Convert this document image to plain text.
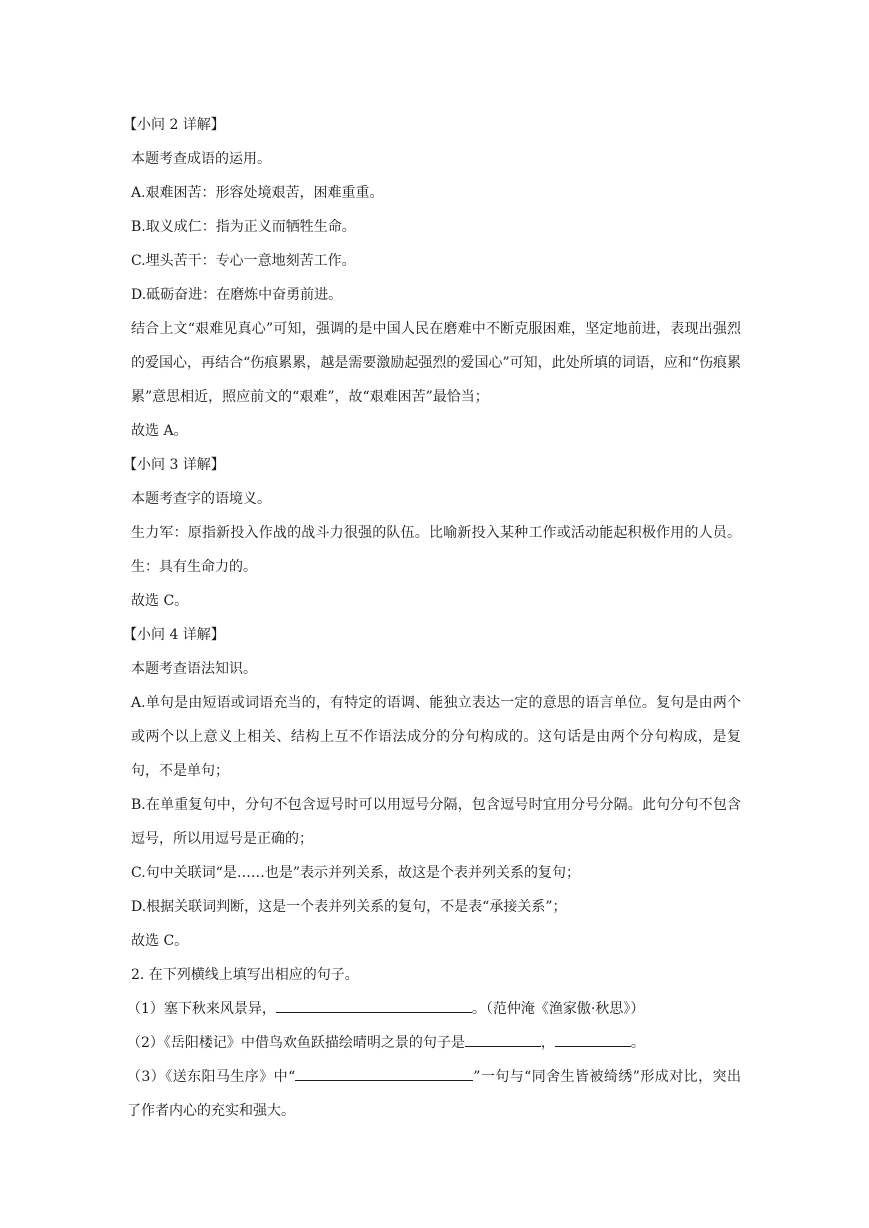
【小问 2 详解】

本题考查成语的运用。

A.艰难困苦：形容处境艰苦，困难重重。

B.取义成仁：指为正义而牺牲生命。

C.埋头苦干：专心一意地刻苦工作。

D.砥砺奋进：在磨炼中奋勇前进。

结合上文“艰难见真心”可知，强调的是中国人民在磨难中不断克服困难，坚定地前进，表现出强烈的爱国心，再结合“伤痕累累，越是需要激励起强烈的爱国心”可知，此处所填的词语，应和“伤痕累累”意思相近，照应前文的“艰难”，故“艰难困苦”最恰当；

故选 A。

【小问 3 详解】

本题考查字的语境义。

生力军：原指新投入作战的战斗力很强的队伍。比喻新投入某种工作或活动能起积极作用的人员。生：具有生命力的。

故选 C。

【小问 4 详解】

本题考查语法知识。

A.单句是由短语或词语充当的，有特定的语调、能独立表达一定的意思的语言单位。复句是由两个或两个以上意义上相关、结构上互不作语法成分的分句构成的。这句话是由两个分句构成，是复句，不是单句；

B.在单重复句中，分句不包含逗号时可以用逗号分隔，包含逗号时宜用分号分隔。此句分句不包含逗号，所以用逗号是正确的；

C.句中关联词“是……也是”表示并列关系，故这是个表并列关系的复句；

D.根据关联词判断，这是一个表并列关系的复句，不是表“承接关系”；

故选 C。

2. 在下列横线上填写出相应的句子。

（1）塞下秋来风景异，	。（范仲淹《渔家傲·秋思》）

（2）《岳阳楼记》中借鸟欢鱼跃描绘晴明之景的句子是	，	。

（3）《送东阳马生序》中“	”一句与“同舍生皆被绮绣”形成对比，突出了作者内心的充实和强大。
